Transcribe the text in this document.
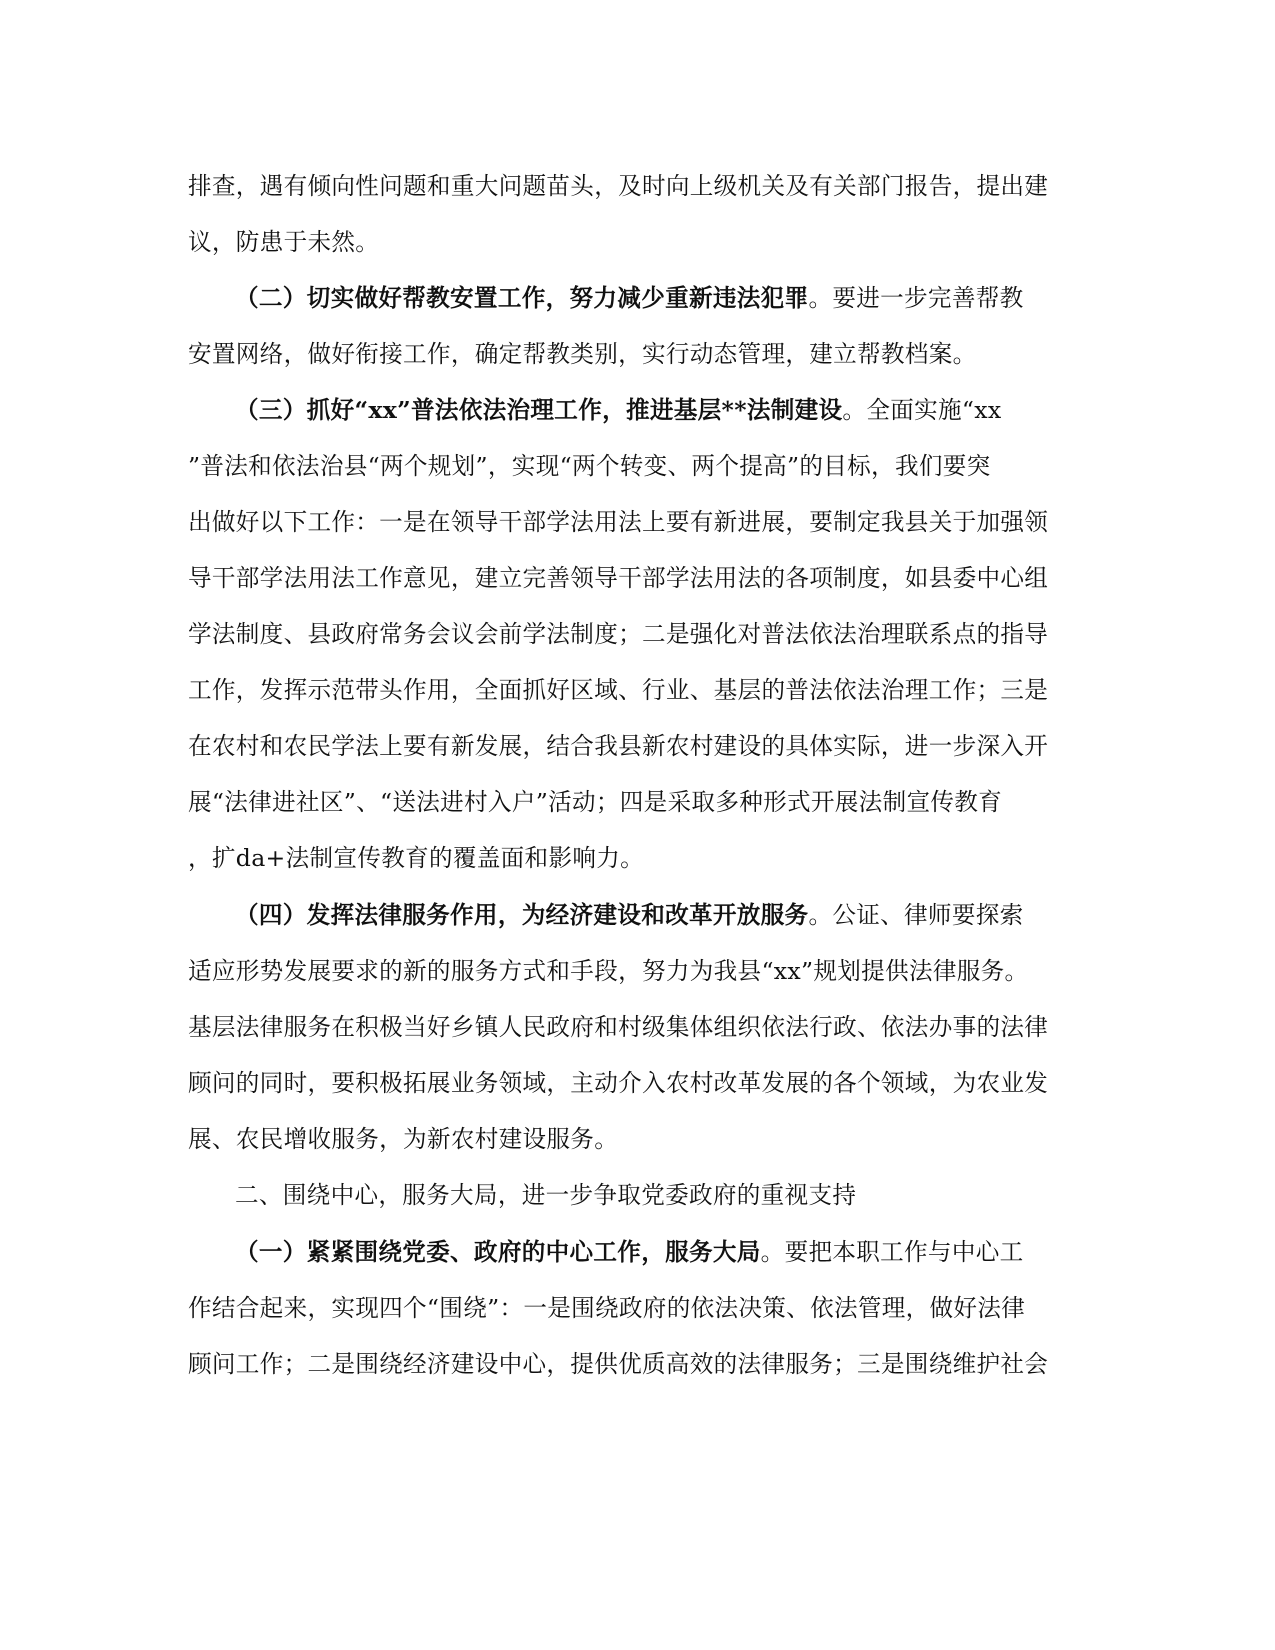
排查，遇有倾向性问题和重大问题苗头，及时向上级机关及有关部门报告，提出建
议，防患于未然。
（二）切实做好帮教安置工作，努力减少重新违法犯罪。要进一步完善帮教
安置网络，做好衔接工作，确定帮教类别，实行动态管理，建立帮教档案。
（三）抓好“xx”普法依法治理工作，推进基层**法制建设。全面实施“xx
”普法和依法治县“两个规划”，实现“两个转变、两个提高”的目标，我们要突
出做好以下工作：一是在领导干部学法用法上要有新进展，要制定我县关于加强领
导干部学法用法工作意见，建立完善领导干部学法用法的各项制度，如县委中心组
学法制度、县政府常务会议会前学法制度；二是强化对普法依法治理联系点的指导
工作，发挥示范带头作用，全面抓好区域、行业、基层的普法依法治理工作；三是
在农村和农民学法上要有新发展，结合我县新农村建设的具体实际，进一步深入开
展“法律进社区”、“送法进村入户”活动；四是采取多种形式开展法制宣传教育
，扩da+法制宣传教育的覆盖面和影响力。
（四）发挥法律服务作用，为经济建设和改革开放服务。公证、律师要探索
适应形势发展要求的新的服务方式和手段，努力为我县“xx”规划提供法律服务。
基层法律服务在积极当好乡镇人民政府和村级集体组织依法行政、依法办事的法律
顾问的同时，要积极拓展业务领域，主动介入农村改革发展的各个领域，为农业发
展、农民增收服务，为新农村建设服务。
二、围绕中心，服务大局，进一步争取党委政府的重视支持
（一）紧紧围绕党委、政府的中心工作，服务大局。要把本职工作与中心工
作结合起来，实现四个“围绕”：一是围绕政府的依法决策、依法管理，做好法律
顾问工作；二是围绕经济建设中心，提供优质高效的法律服务；三是围绕维护社会
